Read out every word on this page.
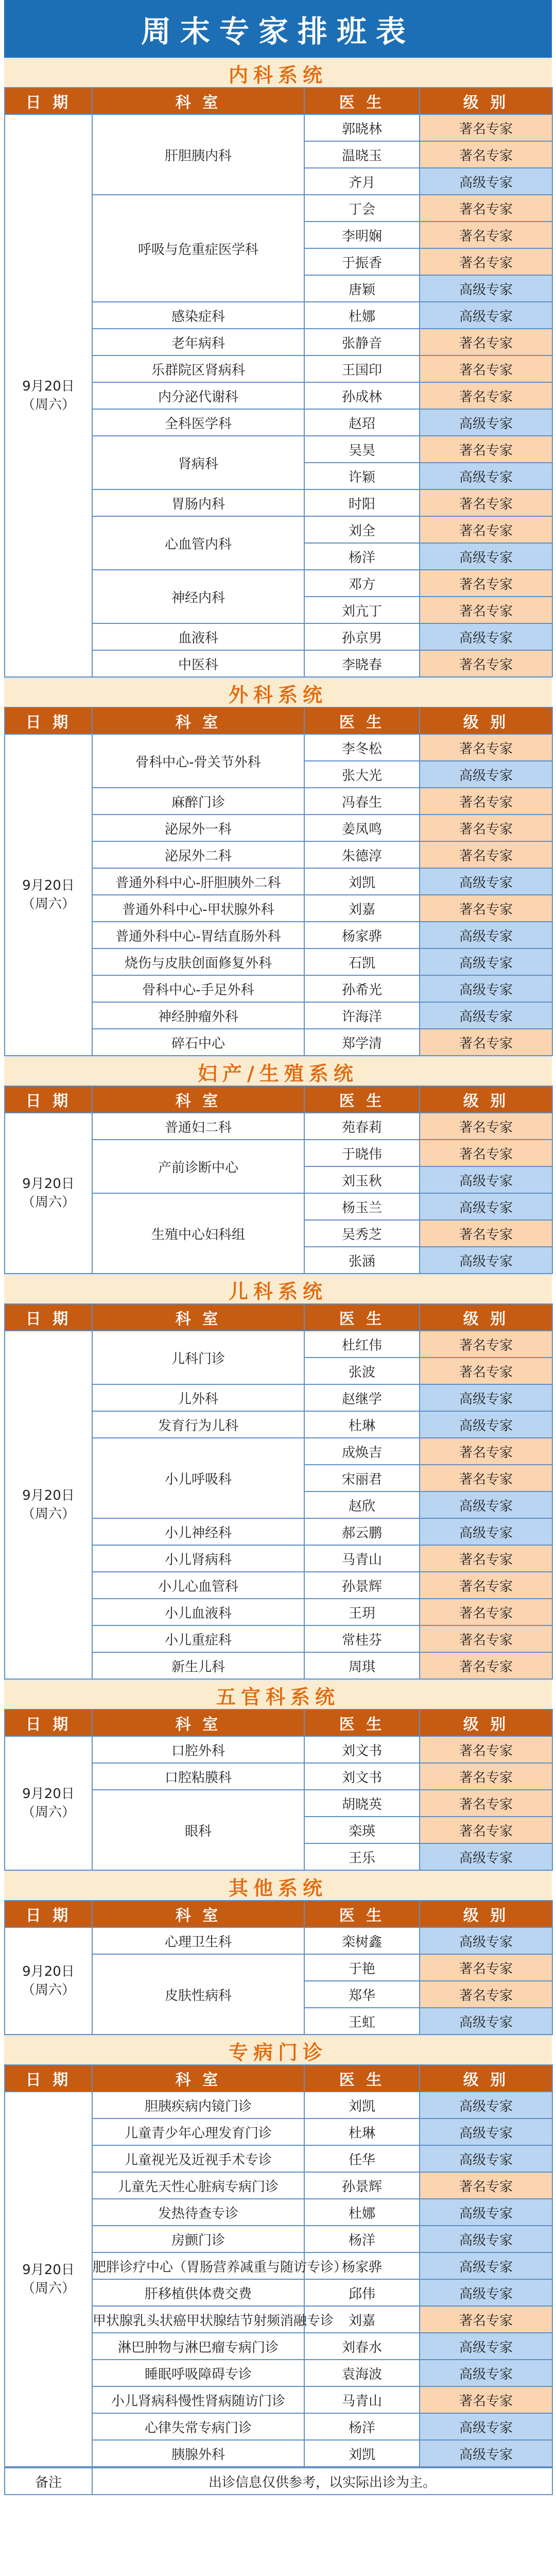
周末专家排班表
内科系统
日 期	科 室	医 生	级 别

9月20日
（周六）	肝胆胰内科	郭晓林	著名专家
		温晓玉	著名专家
		齐月	高级专家
	呼吸与危重症医学科	丁会	著名专家
		李明娴	著名专家
		于振香	著名专家
		唐颖	高级专家
	感染症科	杜娜	高级专家
	老年病科	张静音	著名专家
	乐群院区肾病科	王国印	著名专家
	内分泌代谢科	孙成林	著名专家
	全科医学科	赵玿	高级专家
	肾病科	吴昊	著名专家
		许颖	高级专家
	胃肠内科	时阳	著名专家
	心血管内科	刘全	著名专家
		杨洋	高级专家
	神经内科	邓方	著名专家
		刘亢丁	著名专家
	血液科	孙京男	高级专家
	中医科	李晓春	著名专家
外科系统
日 期	科 室	医 生	级 别

9月20日
（周六）	骨科中心-骨关节外科	李冬松	著名专家
		张大光	高级专家
	麻醉门诊	冯春生	著名专家
	泌尿外一科	姜凤鸣	著名专家
	泌尿外二科	朱德淳	著名专家
	普通外科中心-肝胆胰外二科	刘凯	高级专家
	普通外科中心-甲状腺外科	刘嘉	著名专家
	普通外科中心-胃结直肠外科	杨家骅	高级专家
	烧伤与皮肤创面修复外科	石凯	高级专家
	骨科中心-手足外科	孙希光	高级专家
	神经肿瘤外科	许海洋	高级专家
	碎石中心	郑学清	著名专家
妇产/生殖系统
日 期	科 室	医 生	级 别

9月20日
（周六）	普通妇二科	苑春莉	著名专家
	产前诊断中心	于晓伟	著名专家
		刘玉秋	高级专家
	生殖中心妇科组	杨玉兰	高级专家
		吴秀芝	著名专家
		张涵	高级专家
儿科系统
日 期	科 室	医 生	级 别

9月20日
（周六）	儿科门诊	杜红伟	著名专家
		张波	著名专家
	儿外科	赵继学	高级专家
	发育行为儿科	杜琳	高级专家
	小儿呼吸科	成焕吉	著名专家
		宋丽君	著名专家
		赵欣	高级专家
	小儿神经科	郝云鹏	高级专家
	小儿肾病科	马青山	著名专家
	小儿心血管科	孙景辉	著名专家
	小儿血液科	王玥	著名专家
	小儿重症科	常桂芬	著名专家
	新生儿科	周琪	著名专家
五官科系统
日 期	科 室	医 生	级 别

9月20日
（周六）	口腔外科	刘文书	著名专家
	口腔粘膜科	刘文书	著名专家
	眼科	胡晓英	著名专家
		栾瑛	著名专家
		王乐	高级专家
其他系统
日 期	科 室	医 生	级 别

9月20日
（周六）	心理卫生科	栾树鑫	高级专家
	皮肤性病科	于艳	著名专家
		郑华	著名专家
		王虹	高级专家
专病门诊
日 期	科 室	医 生	级 别

9月20日
（周六）	胆胰疾病内镜门诊	刘凯	高级专家
	儿童青少年心理发育门诊	杜琳	高级专家
	儿童视光及近视手术专诊	任华	高级专家
	儿童先天性心脏病专病门诊	孙景辉	著名专家
	发热待查专诊	杜娜	高级专家
	房颤门诊	杨洋	高级专家
	肥胖诊疗中心（胃肠营养减重与随访专诊）	杨家骅	高级专家
	肝移植供体费交费	邱伟	高级专家
	甲状腺乳头状癌甲状腺结节射频消融专诊	刘嘉	著名专家
	淋巴肿物与淋巴瘤专病门诊	刘春水	高级专家
	睡眠呼吸障碍专诊	袁海波	高级专家
	小儿肾病科慢性肾病随访门诊	马青山	著名专家
	心律失常专病门诊	杨洋	高级专家
	胰腺外科	刘凯	高级专家
备注	出诊信息仅供参考，以实际出诊为主。
